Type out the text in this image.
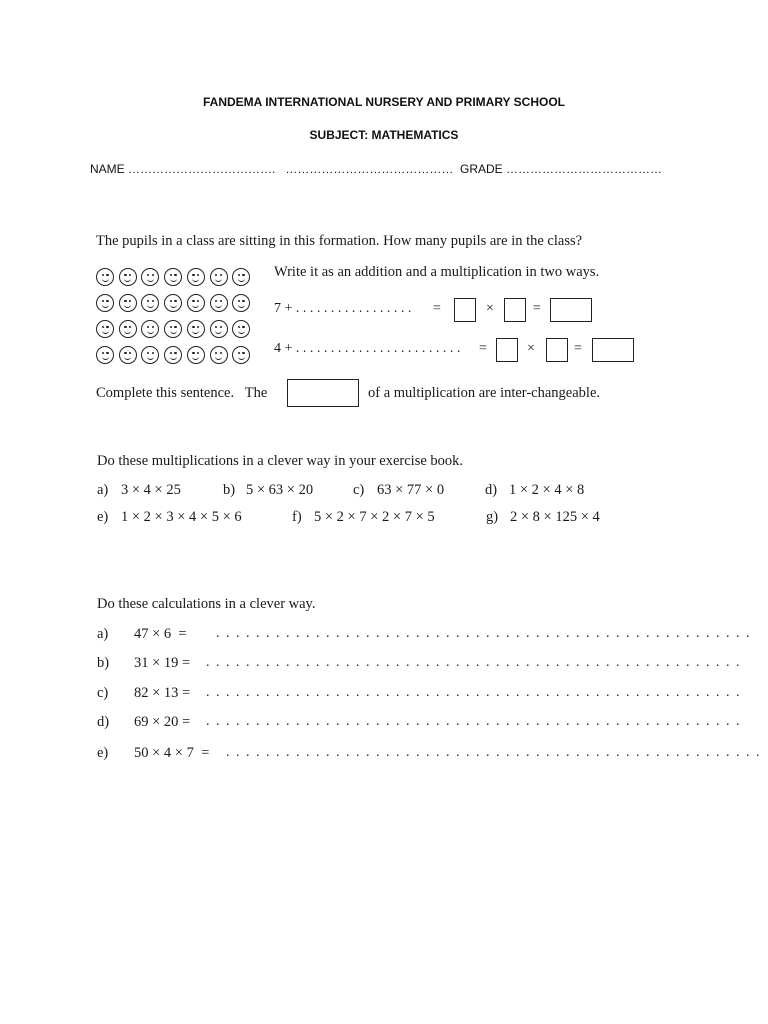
FANDEMA INTERNATIONAL NURSERY AND PRIMARY SCHOOL
SUBJECT: MATHEMATICS
NAME ……………………………….   ……………………………………  GRADE …………………………………
The pupils in a class are sitting in this formation. How many pupils are in the class?
Write it as an addition and a multiplication in two ways.
7 + . . . . . . . . . . . . . . . . . =	×	=
4 + . . . . . . . . . . . . . . . . . . . . . . . . =	×	=
Complete this sentence.   The	of a multiplication are inter-changeable.
Do these multiplications in a clever way in your exercise book.
a) 3 × 4 × 25	b) 5 × 63 × 20	c) 63 × 77 × 0	d) 1 × 2 × 4 × 8
e) 1 × 2 × 3 × 4 × 5 × 6	f) 5 × 2 × 7 × 2 × 7 × 5	g) 2 × 8 × 125 × 4
Do these calculations in a clever way.
a) 47 × 6  = . . . . . . . . . . . . . . . . . . . . . . . . . . . . . . . . . . . . . . . . . . . . . . . . . . . . . .
b) 31 × 19 = . . . . . . . . . . . . . . . . . . . . . . . . . . . . . . . . . . . . . . . . . . . . . . . . . . . . . .
c) 82 × 13 = . . . . . . . . . . . . . . . . . . . . . . . . . . . . . . . . . . . . . . . . . . . . . . . . . . . . . .
d) 69 × 20 = . . . . . . . . . . . . . . . . . . . . . . . . . . . . . . . . . . . . . . . . . . . . . . . . . . . . . .
e) 50 × 4 × 7  = . . . . . . . . . . . . . . . . . . . . . . . . . . . . . . . . . . . . . . . . . . . . . . . . . . . . . .
